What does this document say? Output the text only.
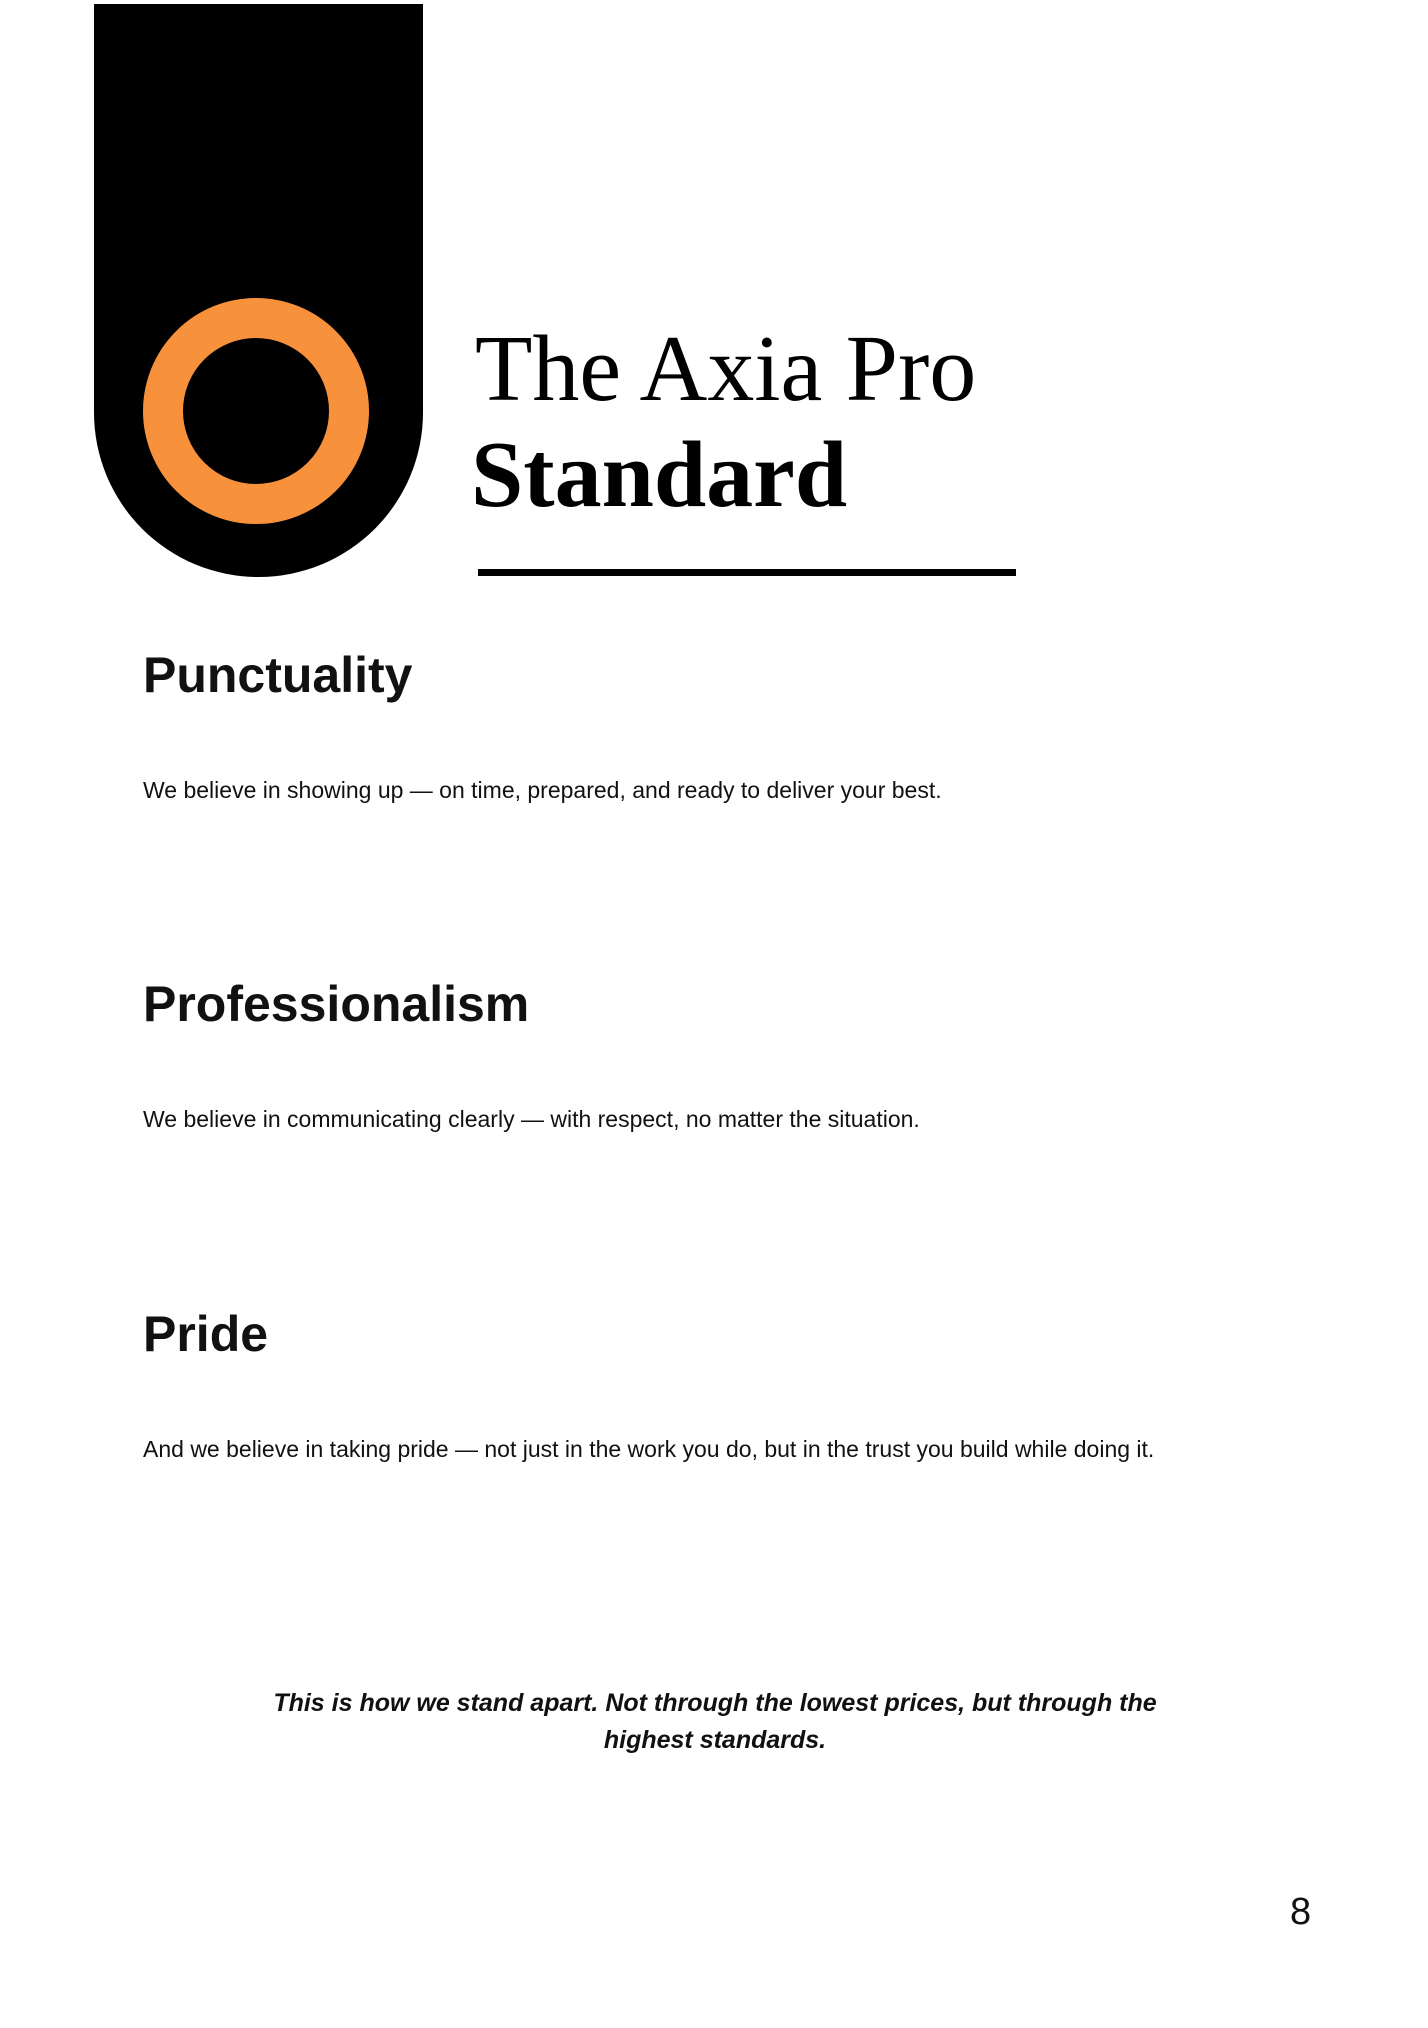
The Axia Pro
Standard
Punctuality
We believe in showing up — on time, prepared, and ready to deliver your best.
Professionalism
We believe in communicating clearly — with respect, no matter the situation.
Pride
And we believe in taking pride — not just in the work you do, but in the trust you build while doing it.
This is how we stand apart. Not through the lowest prices, but through the highest standards.
8
